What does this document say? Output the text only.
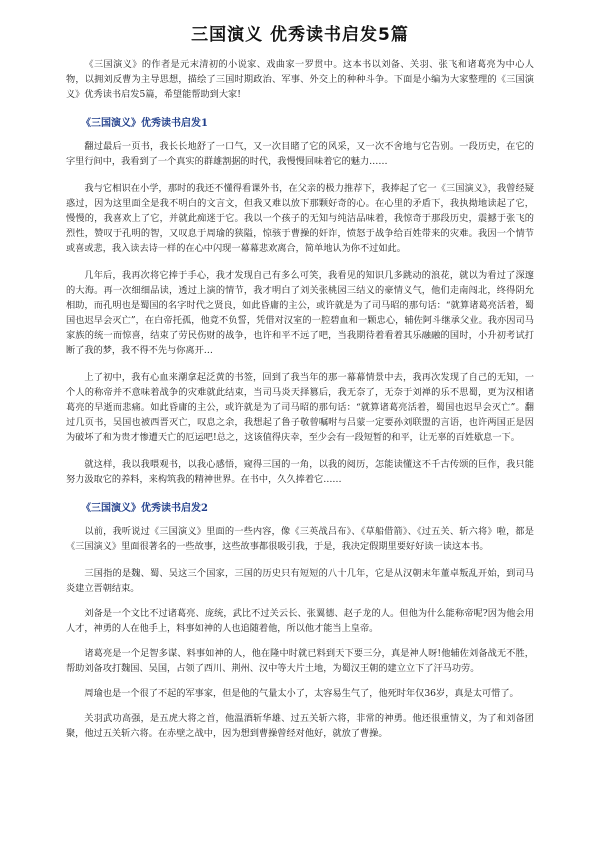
三国演义 优秀读书启发5篇

《三国演义》的作者是元末清初的小说家、戏曲家一罗贯中。这本书以刘备、关羽、张飞和诸葛亮为中心人物，以拥刘反曹为主导思想，描绘了三国时期政治、军事、外交上的种种斗争。下面是小编为大家整理的《三国演义》优秀读书启发5篇，希望能帮助到大家!

《三国演义》优秀读书启发1

翻过最后一页书，我长长地舒了一口气，又一次目睹了它的风采，又一次不舍地与它告别。一段历史，在它的字里行间中，我看到了一个真实的群雄割据的时代，我慢慢回味着它的魅力……

我与它相识在小学，那时的我还不懂得看课外书，在父亲的极力推荐下，我捧起了它一《三国演义》，我曾经疑惑过，因为这里面全是我不明白的文言文，但我又难以放下那颗好奇的心。在心里的矛盾下，我执拗地读起了它，慢慢的，我喜欢上了它，并就此痴迷于它。我以一个孩子的无知与纯洁品味着，我惊奇于那段历史，震撼于张飞的烈性，赞叹于孔明的智，又叹息于周瑜的狭隘，惊骇于曹操的奸诈，愤怒于战争给百姓带来的灾难。我因一个情节或喜或悲，我入读去诗一样的在心中闪现一幕幕悲欢离合，简单地认为你不过如此。

几年后，我再次将它捧于手心，我才发现自己有多么可笑，我看见的知识几多跳动的浪花，就以为看过了深邃的大海。再一次细细品读，透过上演的情节，我才明白了刘关张桃园三结义的豪情义气，他们走南闯北，终得阴允相助，而孔明也是蜀国的名字时代之贤良，如此昏庸的主公，或许就是为了司马昭的那句话：“就算诸葛亮活着，蜀国也迟早会灭亡”，在白帝托孤，他竟不负誓，凭借对汉室的一腔碧血和一颗忠心，辅佐阿斗继承父业。我亦因司马家族的统一而惊喜，结束了劳民伤财的战争，也许和平不远了吧，当我期待着看着其乐融融的国时，小升初考试打断了我的梦，我不得不先与你离开…

上了初中，我有心血来潮拿起泛黄的书签，回到了我当年的那一幕幕情景中去，我再次发现了自己的无知，一个人的称帝并不意味着战争的灾难就此结束，当司马炎天择篡后，我无奈了，无奈于刘禅的乐不思蜀，更为汉相诸葛亮的早逝而悲痛。如此昏庸的主公，或许就是为了司马昭的那句话：“就算诸葛亮活着，蜀国也迟早会灭亡”。翻过几页书，吴国也被西晋灭亡，叹息之余，我想起了鲁子敬曾嘱咐与吕蒙一定要孙刘联盟的言语，也许两国正是因为破坏了和为贵才惨遭天亡的厄运吧!总之，这该值得庆幸，至少会有一段短暂的和平，让无辜的百姓歇息一下。

就这样，我以我喂观书，以我心感悟，窥得三国的一角，以我的阅历，怎能读懂这不千古传颂的巨作，我只能努力汲取它的养料，来构筑我的精神世界。在书中，久久捧着它……

《三国演义》优秀读书启发2

以前，我听说过《三国演义》里面的一些内容，像《三英战吕布》、《草船借箭》、《过五关、斩六将》啦，都是《三国演义》里面很著名的一些故事，这些故事都很吸引我，于是，我决定假期里要好好读一读这本书。

三国指的是魏、蜀、吴这三个国家，三国的历史只有短短的八十几年，它是从汉朝末年董卓叛乱开始，到司马炎建立晋朝结束。

刘备是一个文比不过诸葛亮、庞统，武比不过关云长、张翼德、赵子龙的人。但他为什么能称帝呢?因为他会用人才，神勇的人在他手上，料事如神的人也追随着他，所以他才能当上皇帝。

诸葛亮是一个足智多谋、料事如神的人，他在隆中时就已料到天下要三分，真是神人呀!他辅佐刘备战无不胜，帮助刘备攻打魏国、吴国，占领了西川、荆州、汉中等大片土地，为蜀汉王朝的建立立下了汗马功劳。

周瑜也是一个很了不起的军事家，但是他的气量太小了，太容易生气了，他死时年仅36岁，真是太可惜了。

关羽武功高强，是五虎大将之首，他温酒斩华雄、过五关斩六将，非常的神勇。他还很重情义，为了和刘备团聚，他过五关斩六将。在赤壁之战中，因为想到曹操曾经对他好，就放了曹操。
